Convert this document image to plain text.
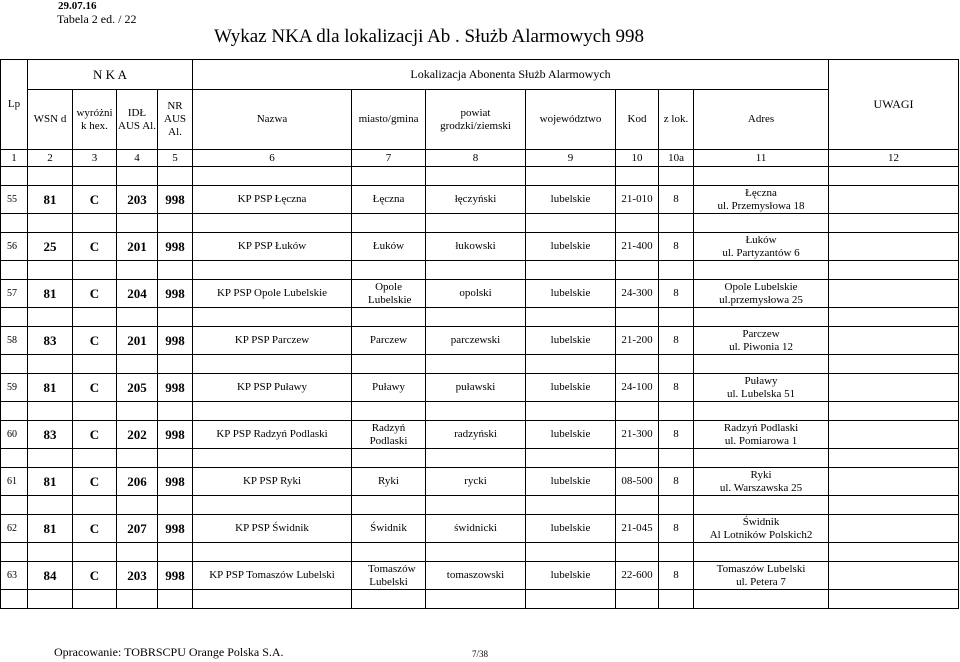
29.07.16
Tabela 2 ed. / 22
Wykaz NKA dla lokalizacji Ab . Służb Alarmowych 998
Lp	N K A				Lokalizacja Abonenta Służb Alarmowych							UWAGI
	WSN d	wyróżni k hex.	IDŁ AUS Al.	NR AUS Al.	Nazwa	miasto/gmina	powiat grodzki/ziemski	województwo	Kod	z lok.	Adres	
1	2	3	4	5	6	7	8	9	10	10a	11	12

55	81	C	203	998	KP PSP Łęczna	Łęczna	łęczyński	lubelskie	21-010	8	Łęczna
ul. Przemysłowa 18	

56	25	C	201	998	KP PSP Łuków	Łuków	łukowski	lubelskie	21-400	8	Łuków
ul. Partyzantów 6	

57	81	C	204	998	KP PSP Opole Lubelskie	Opole Lubelskie	opolski	lubelskie	24-300	8	Opole Lubelskie
ul.przemysłowa 25	

58	83	C	201	998	KP PSP Parczew	Parczew	parczewski	lubelskie	21-200	8	Parczew
ul. Piwonia 12	

59	81	C	205	998	KP PSP Puławy	Puławy	puławski	lubelskie	24-100	8	Puławy
ul. Lubelska 51	

60	83	C	202	998	KP PSP Radzyń Podlaski	Radzyń Podlaski	radzyński	lubelskie	21-300	8	Radzyń Podlaski
ul. Pomiarowa 1	

61	81	C	206	998	KP PSP Ryki	Ryki	rycki	lubelskie	08-500	8	Ryki
ul. Warszawska 25	

62	81	C	207	998	KP PSP Świdnik	Świdnik	świdnicki	lubelskie	21-045	8	Świdnik
Al Lotników Polskich2	

63	84	C	203	998	KP PSP Tomaszów Lubelski	Tomaszów Lubelski	tomaszowski	lubelskie	22-600	8	Tomaszów Lubelski
ul. Petera 7	

Opracowanie: TOBRSCPU Orange Polska S.A.	7/38
